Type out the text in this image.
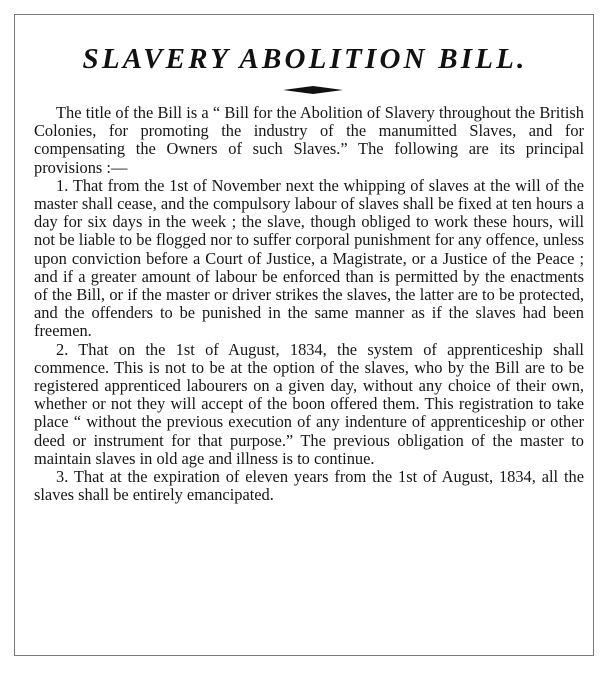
SLAVERY ABOLITION BILL.

The title of the Bill is a “ Bill for the Abolition of Slavery throughout the British Colonies, for promoting the industry of the manumitted Slaves, and for compensating the Owners of such Slaves.” The following are its principal provisions :—

1. That from the 1st of November next the whipping of slaves at the will of the master shall cease, and the compulsory labour of slaves shall be fixed at ten hours a day for six days in the week ; the slave, though obliged to work these hours, will not be liable to be flogged nor to suffer corporal punishment for any offence, unless upon conviction before a Court of Justice, a Magistrate, or a Justice of the Peace ; and if a greater amount of labour be enforced than is permitted by the enactments of the Bill, or if the master or driver strikes the slaves, the latter are to be protected, and the offenders to be punished in the same manner as if the slaves had been freemen.

2. That on the 1st of August, 1834, the system of apprenticeship shall commence. This is not to be at the option of the slaves, who by the Bill are to be registered apprenticed labourers on a given day, without any choice of their own, whether or not they will accept of the boon offered them. This registration to take place “ without the previous execution of any indenture of apprenticeship or other deed or instrument for that purpose.” The previous obligation of the master to maintain slaves in old age and illness is to continue.

3. That at the expiration of eleven years from the 1st of August, 1834, all the slaves shall be entirely emancipated.
